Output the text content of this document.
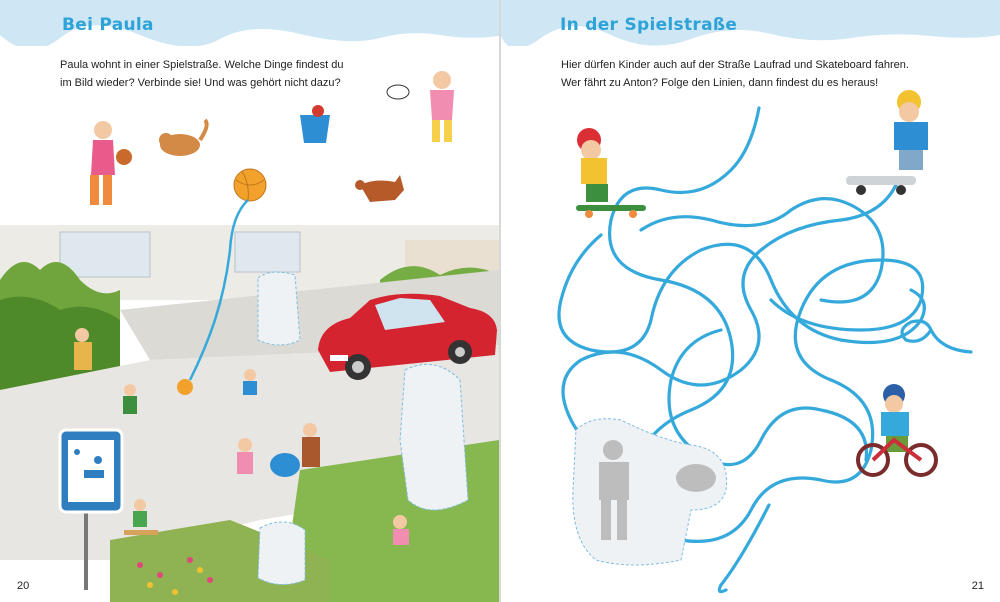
Bei Paula

Paula wohnt in einer Spielstraße. Welche Dinge findest du

im Bild wieder? Verbinde sie! Und was gehört nicht dazu?

20
In der Spielstraße

Hier dürfen Kinder auch auf der Straße Laufrad und Skateboard fahren.

Wer fährt zu Anton? Folge den Linien, dann findest du es heraus!

21
